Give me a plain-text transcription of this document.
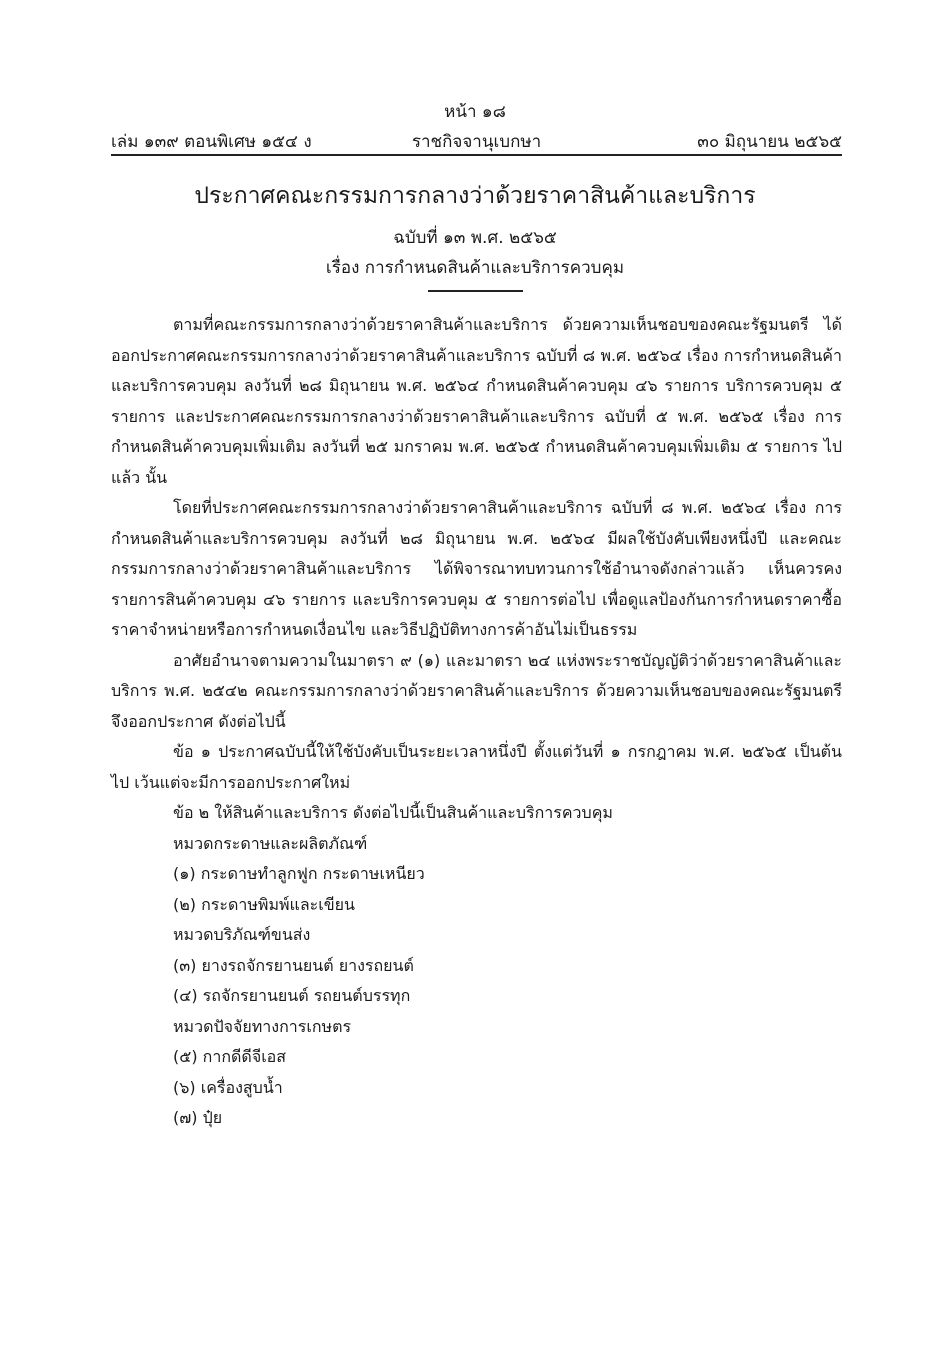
หน้า ๑๘
เล่ม ๑๓๙ ตอนพิเศษ ๑๕๔ ง	ราชกิจจานุเบกษา	๓๐ มิถุนายน ๒๕๖๕
ประกาศคณะกรรมการกลางว่าด้วยราคาสินค้าและบริการ
ฉบับที่ ๑๓ พ.ศ. ๒๕๖๕
เรื่อง การกำหนดสินค้าและบริการควบคุม

ตามที่คณะกรรมการกลางว่าด้วยราคาสินค้าและบริการ ด้วยความเห็นชอบของคณะรัฐมนตรี ได้ออกประกาศคณะกรรมการกลางว่าด้วยราคาสินค้าและบริการ ฉบับที่ ๘ พ.ศ. ๒๕๖๔ เรื่อง การกำหนดสินค้าและบริการควบคุม ลงวันที่ ๒๘ มิถุนายน พ.ศ. ๒๕๖๔ กำหนดสินค้าควบคุม ๔๖ รายการ บริการควบคุม ๕ รายการ และประกาศคณะกรรมการกลางว่าด้วยราคาสินค้าและบริการ ฉบับที่ ๕ พ.ศ. ๒๕๖๕ เรื่อง การกำหนดสินค้าควบคุมเพิ่มเติม ลงวันที่ ๒๕ มกราคม พ.ศ. ๒๕๖๕ กำหนดสินค้าควบคุมเพิ่มเติม ๕ รายการ ไปแล้ว นั้น

โดยที่ประกาศคณะกรรมการกลางว่าด้วยราคาสินค้าและบริการ ฉบับที่ ๘ พ.ศ. ๒๕๖๔ เรื่อง การกำหนดสินค้าและบริการควบคุม ลงวันที่ ๒๘ มิถุนายน พ.ศ. ๒๕๖๔ มีผลใช้บังคับเพียงหนึ่งปี และคณะกรรมการกลางว่าด้วยราคาสินค้าและบริการ ได้พิจารณาทบทวนการใช้อำนาจดังกล่าวแล้ว เห็นควรคงรายการสินค้าควบคุม ๔๖ รายการ และบริการควบคุม ๕ รายการต่อไป เพื่อดูแลป้องกันการกำหนดราคาซื้อ ราคาจำหน่ายหรือการกำหนดเงื่อนไข และวิธีปฏิบัติทางการค้าอันไม่เป็นธรรม

อาศัยอำนาจตามความในมาตรา ๙ (๑) และมาตรา ๒๔ แห่งพระราชบัญญัติว่าด้วยราคาสินค้าและบริการ พ.ศ. ๒๕๔๒ คณะกรรมการกลางว่าด้วยราคาสินค้าและบริการ ด้วยความเห็นชอบของคณะรัฐมนตรี จึงออกประกาศ ดังต่อไปนี้

ข้อ ๑ ประกาศฉบับนี้ให้ใช้บังคับเป็นระยะเวลาหนึ่งปี ตั้งแต่วันที่ ๑ กรกฎาคม พ.ศ. ๒๕๖๕ เป็นต้นไป เว้นแต่จะมีการออกประกาศใหม่

ข้อ ๒ ให้สินค้าและบริการ ดังต่อไปนี้เป็นสินค้าและบริการควบคุม

หมวดกระดาษและผลิตภัณฑ์

(๑) กระดาษทำลูกฟูก กระดาษเหนียว

(๒) กระดาษพิมพ์และเขียน

หมวดบริภัณฑ์ขนส่ง

(๓) ยางรถจักรยานยนต์ ยางรถยนต์

(๔) รถจักรยานยนต์ รถยนต์บรรทุก

หมวดปัจจัยทางการเกษตร

(๕) กากดีดีจีเอส

(๖) เครื่องสูบน้ำ

(๗) ปุ๋ย
